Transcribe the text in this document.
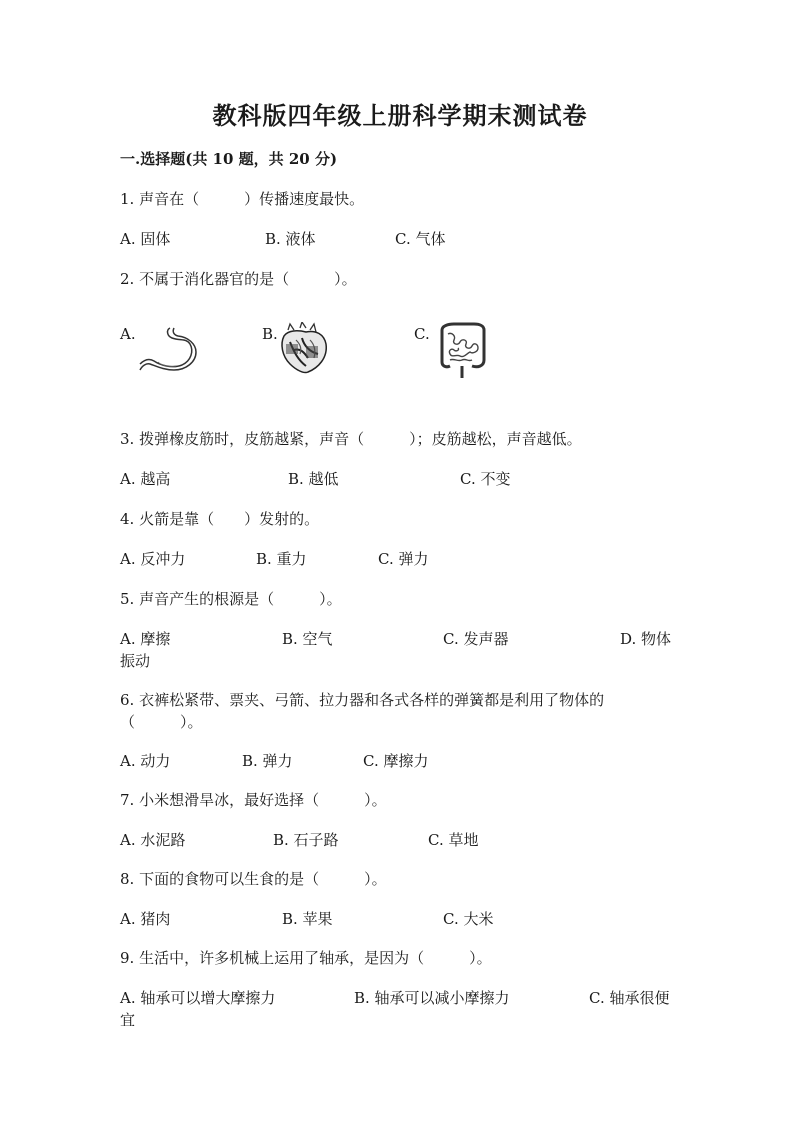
教科版四年级上册科学期末测试卷
一.选择题(共 10 题，共 20 分)
1. 声音在（　　　）传播速度最快。
A. 固体	B. 液体	C. 气体
2. 不属于消化器官的是（　　　）。
A.	B.	C.
3. 拨弹橡皮筋时，皮筋越紧，声音（　　　）；皮筋越松，声音越低。
A. 越高	B. 越低	C. 不变
4. 火箭是靠（　　）发射的。
A. 反冲力	B. 重力	C. 弹力
5. 声音产生的根源是（　　　）。
A. 摩擦	B. 空气	C. 发声器	D. 物体
振动
6. 衣裤松紧带、票夹、弓箭、拉力器和各式各样的弹簧都是利用了物体的
（　　　）。
A. 动力	B. 弹力	C. 摩擦力
7. 小米想滑旱冰，最好选择（　　　）。
A. 水泥路	B. 石子路	C. 草地
8. 下面的食物可以生食的是（　　　）。
A. 猪肉	B. 苹果	C. 大米
9. 生活中，许多机械上运用了轴承，是因为（　　　）。
A. 轴承可以增大摩擦力	B. 轴承可以减小摩擦力	C. 轴承很便
宜
